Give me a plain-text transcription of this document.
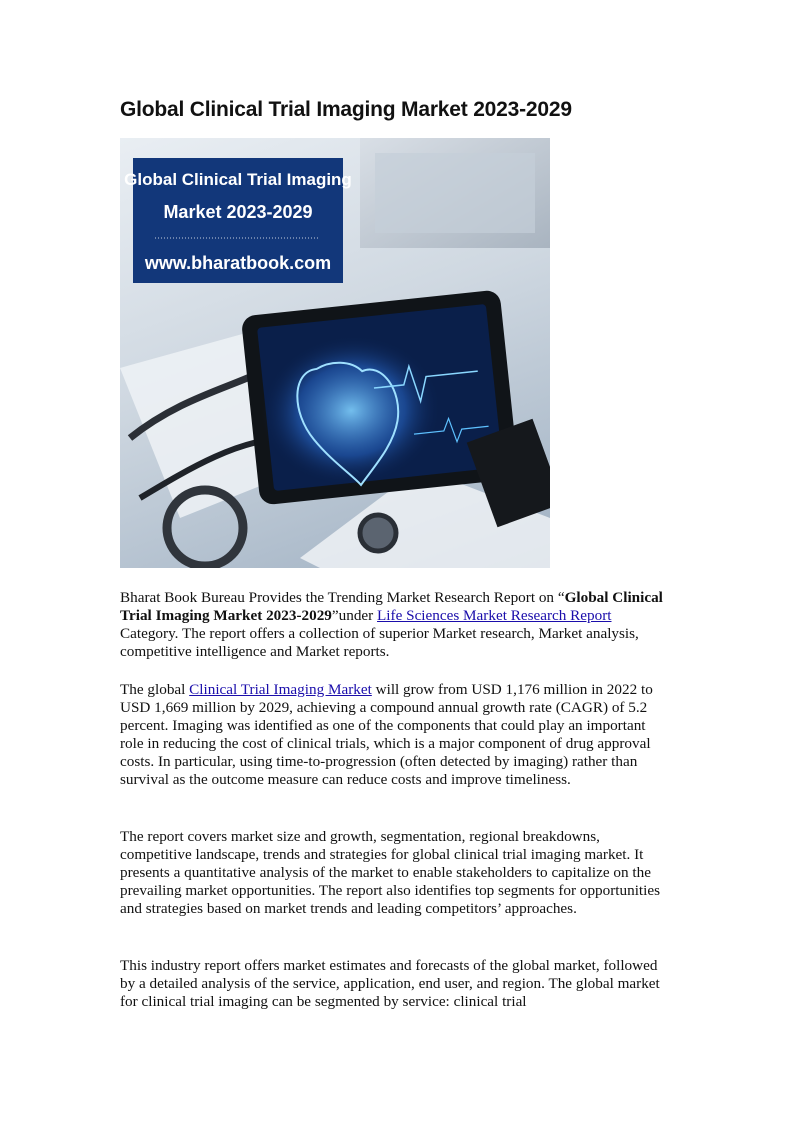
Global Clinical Trial Imaging Market 2023-2029
Global Clinical Trial Imaging
Market 2023-2029
www.bharatbook.com

Bharat Book Bureau Provides the Trending Market Research Report on “Global Clinical Trial Imaging Market 2023-2029”under Life Sciences Market Research Report Category. The report offers a collection of superior Market research, Market analysis, competitive intelligence and Market reports.

The global Clinical Trial Imaging Market will grow from USD 1,176 million in 2022 to USD 1,669 million by 2029, achieving a compound annual growth rate (CAGR) of 5.2 percent. Imaging was identified as one of the components that could play an important role in reducing the cost of clinical trials, which is a major component of drug approval costs. In particular, using time-to-progression (often detected by imaging) rather than survival as the outcome measure can reduce costs and improve timeliness.

The report covers market size and growth, segmentation, regional breakdowns, competitive landscape, trends and strategies for global clinical trial imaging market. It presents a quantitative analysis of the market to enable stakeholders to capitalize on the prevailing market opportunities. The report also identifies top segments for opportunities and strategies based on market trends and leading competitors’ approaches.

This industry report offers market estimates and forecasts of the global market, followed by a detailed analysis of the service, application, end user, and region. The global market for clinical trial imaging can be segmented by service: clinical trial
